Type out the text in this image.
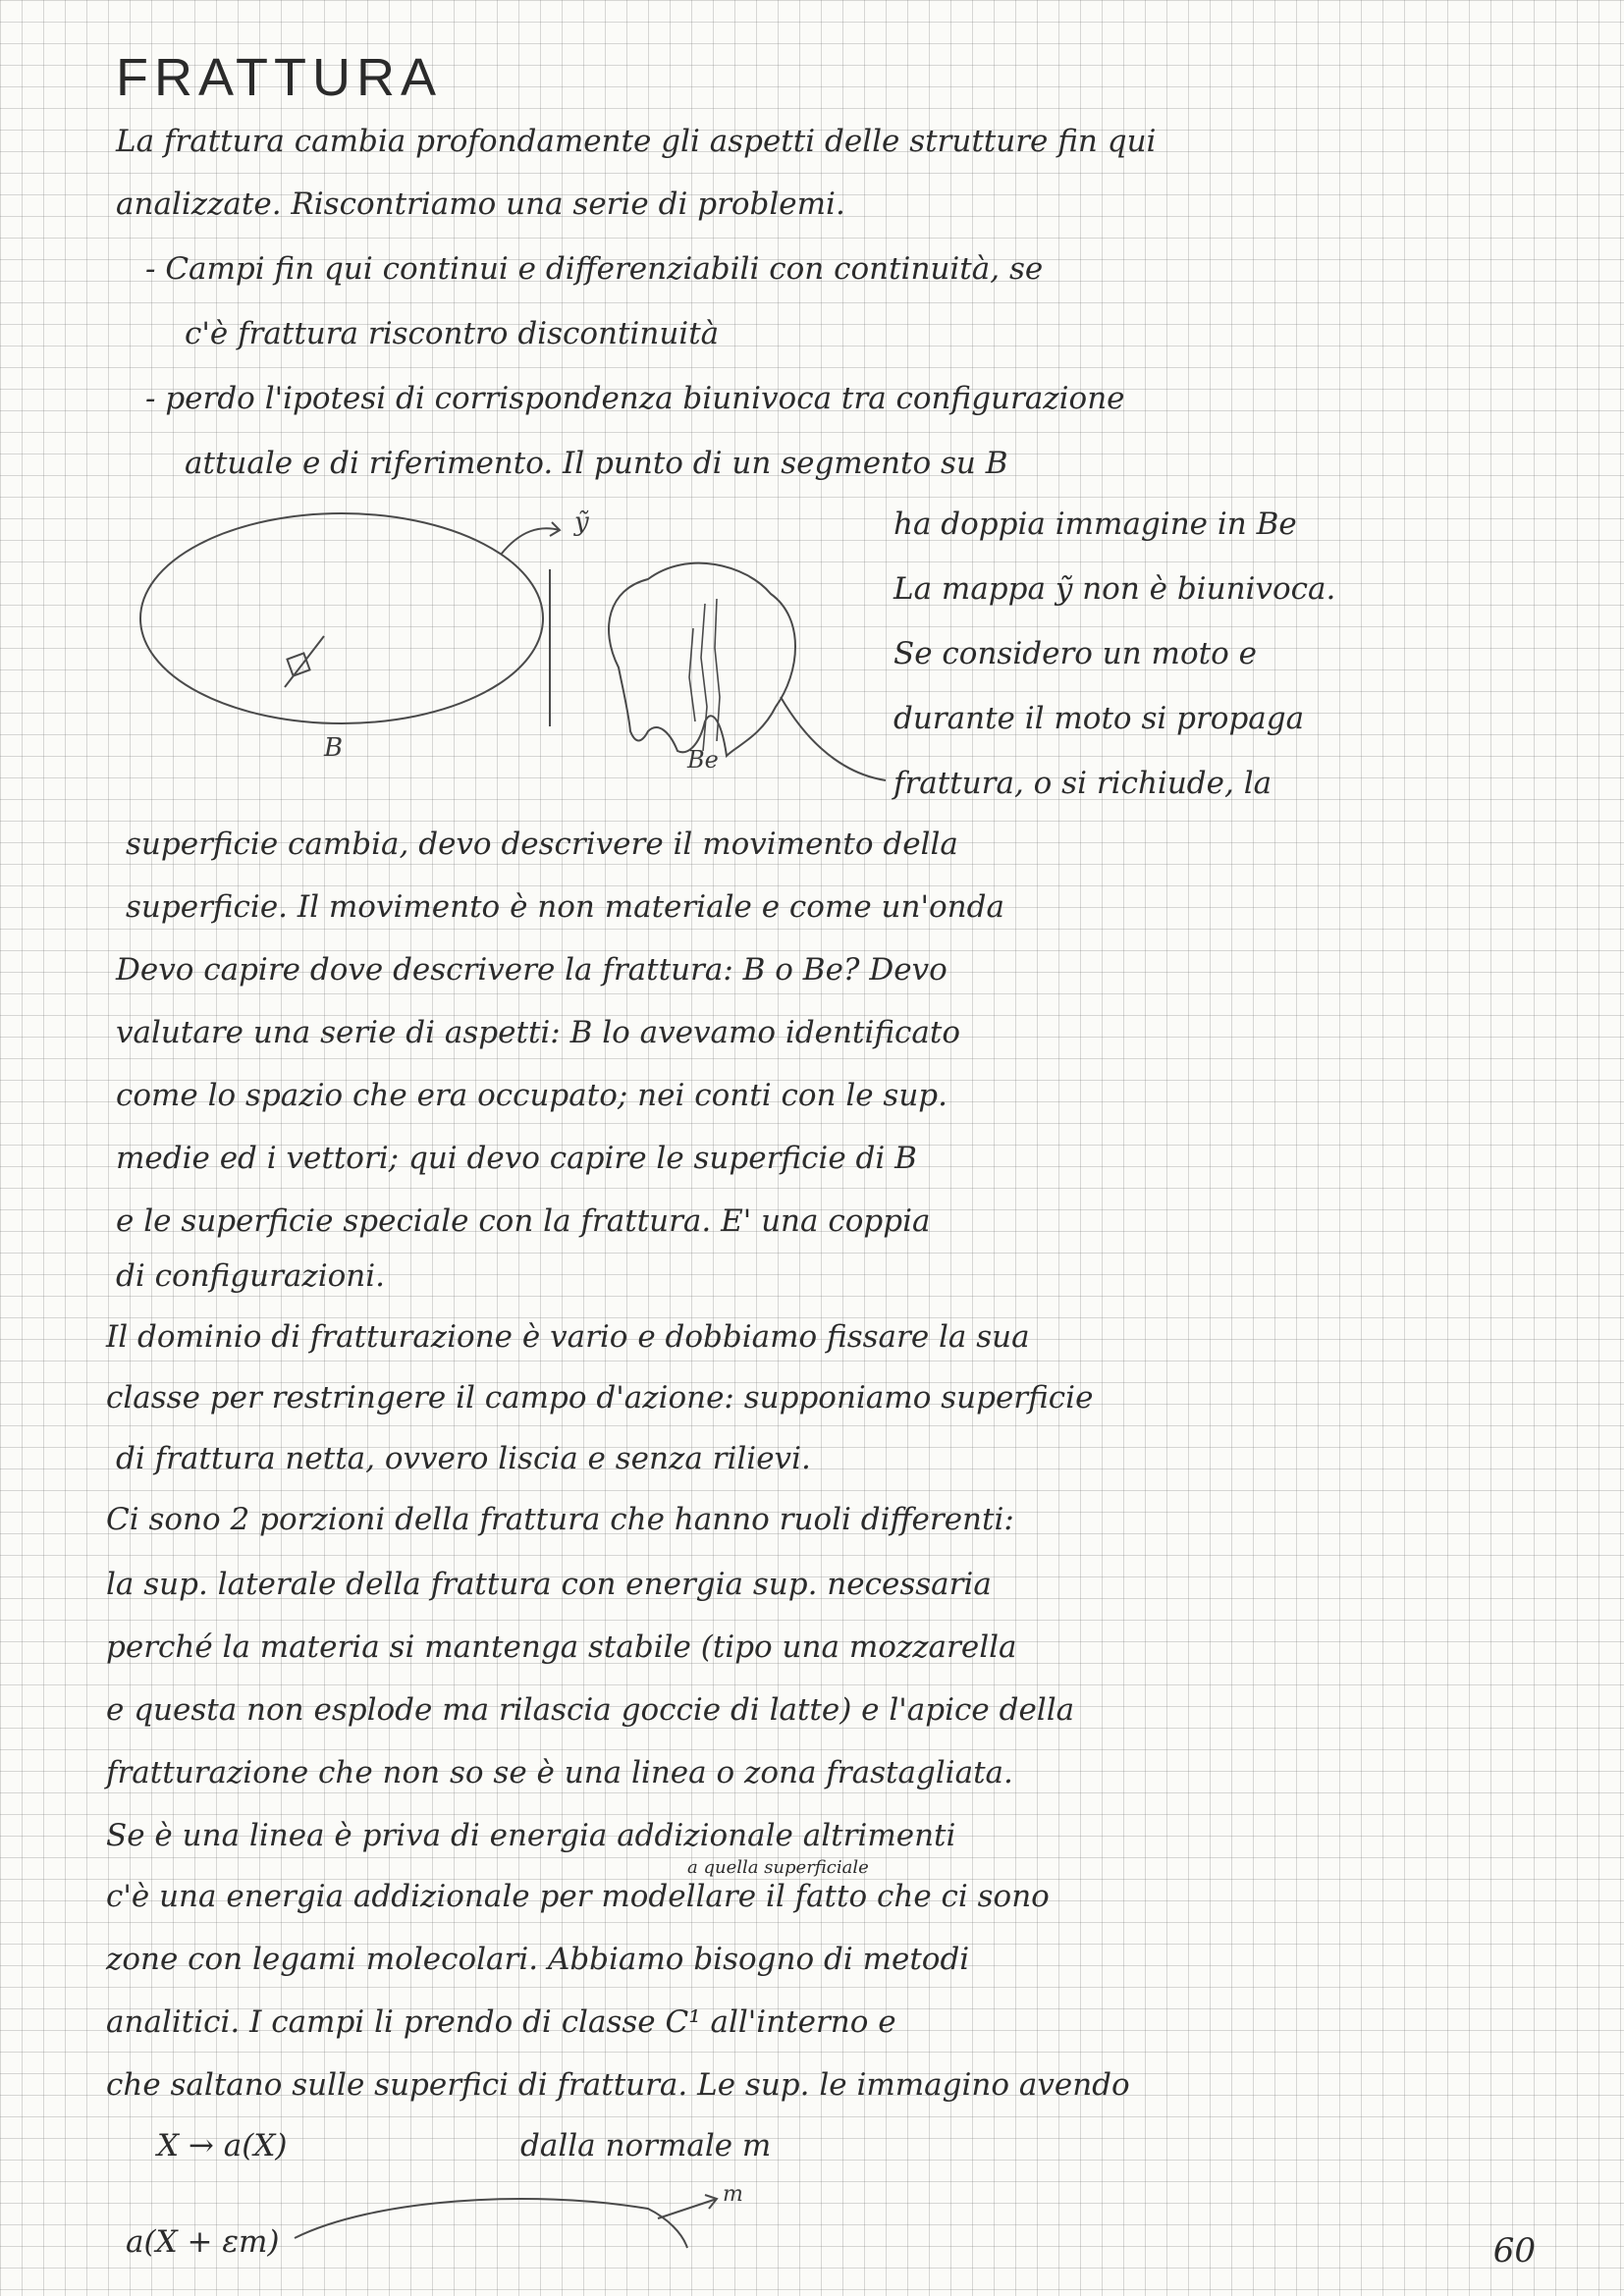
FRATTURA

La frattura cambia profondamente gli aspetti delle strutture fin qui

analizzate. Riscontriamo una serie di problemi.

- Campi fin qui continui e differenziabili con continuità, se

c'è frattura riscontro discontinuità

- perdo l'ipotesi di corrispondenza biunivoca tra configurazione

attuale e di riferimento. Il punto di un segmento su B

B
ỹ
Be

ha doppia immagine in Be

La mappa ỹ non è biunivoca.

Se considero un moto e

durante il moto si propaga

frattura, o si richiude, la

superficie cambia, devo descrivere il movimento della

superficie. Il movimento è non materiale e come un'onda

Devo capire dove descrivere la frattura: B o Be? Devo

valutare una serie di aspetti: B lo avevamo identificato

come lo spazio che era occupato; nei conti con le sup.

medie ed i vettori; qui devo capire le superficie di B

e le superficie speciale con la frattura. E' una coppia

di configurazioni.

Il dominio di fratturazione è vario e dobbiamo fissare la sua

classe per restringere il campo d'azione: supponiamo superficie

di frattura netta, ovvero liscia e senza rilievi.

Ci sono 2 porzioni della frattura che hanno ruoli differenti:

la sup. laterale della frattura con energia sup. necessaria

perché la materia si mantenga stabile (tipo una mozzarella

e questa non esplode ma rilascia goccie di latte) e l'apice della

fratturazione che non so se è una linea o zona frastagliata.

Se è una linea è priva di energia addizionale altrimenti

a quella superficiale

c'è una energia addizionale per modellare il fatto che ci sono

zone con legami molecolari. Abbiamo bisogno di metodi

analitici. I campi li prendo di classe C¹ all'interno e

che saltano sulle superfici di frattura. Le sup. le immagino avendo

X → a(X)	dalla normale m

a(X + εm)

m

60
